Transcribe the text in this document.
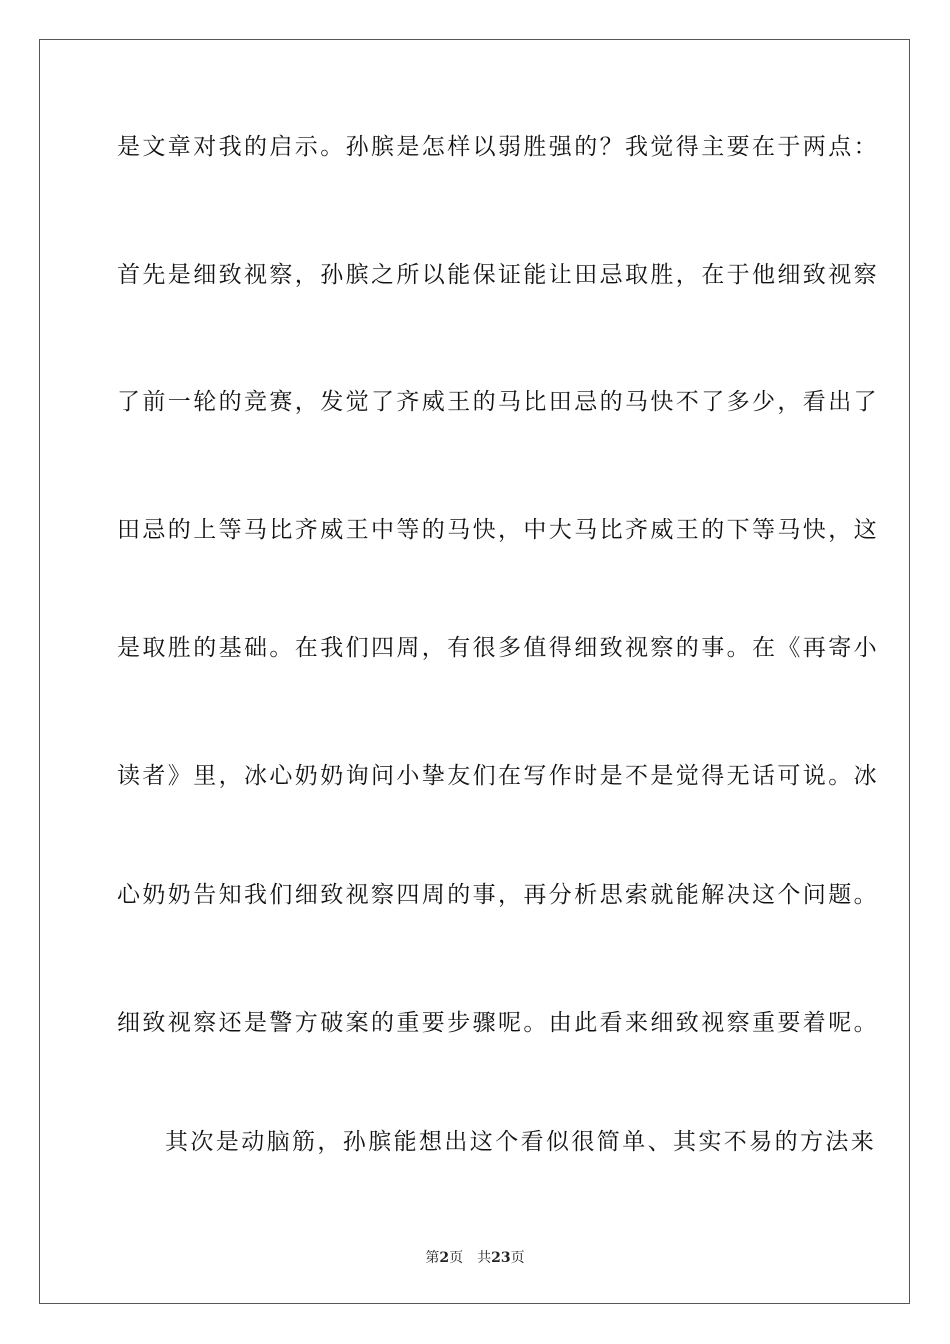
是文章对我的启示。孙膑是怎样以弱胜强的？我觉得主要在于两点：
首先是细致视察，孙膑之所以能保证能让田忌取胜，在于他细致视察
了前一轮的竞赛，发觉了齐威王的马比田忌的马快不了多少，看出了
田忌的上等马比齐威王中等的马快，中大马比齐威王的下等马快，这
是取胜的基础。在我们四周，有很多值得细致视察的事。在《再寄小
读者》里，冰心奶奶询问小挚友们在写作时是不是觉得无话可说。冰
心奶奶告知我们细致视察四周的事，再分析思索就能解决这个问题。
细致视察还是警方破案的重要步骤呢。由此看来细致视察重要着呢。
其次是动脑筋，孙膑能想出这个看似很简单、其实不易的方法来
第2页 共23页
